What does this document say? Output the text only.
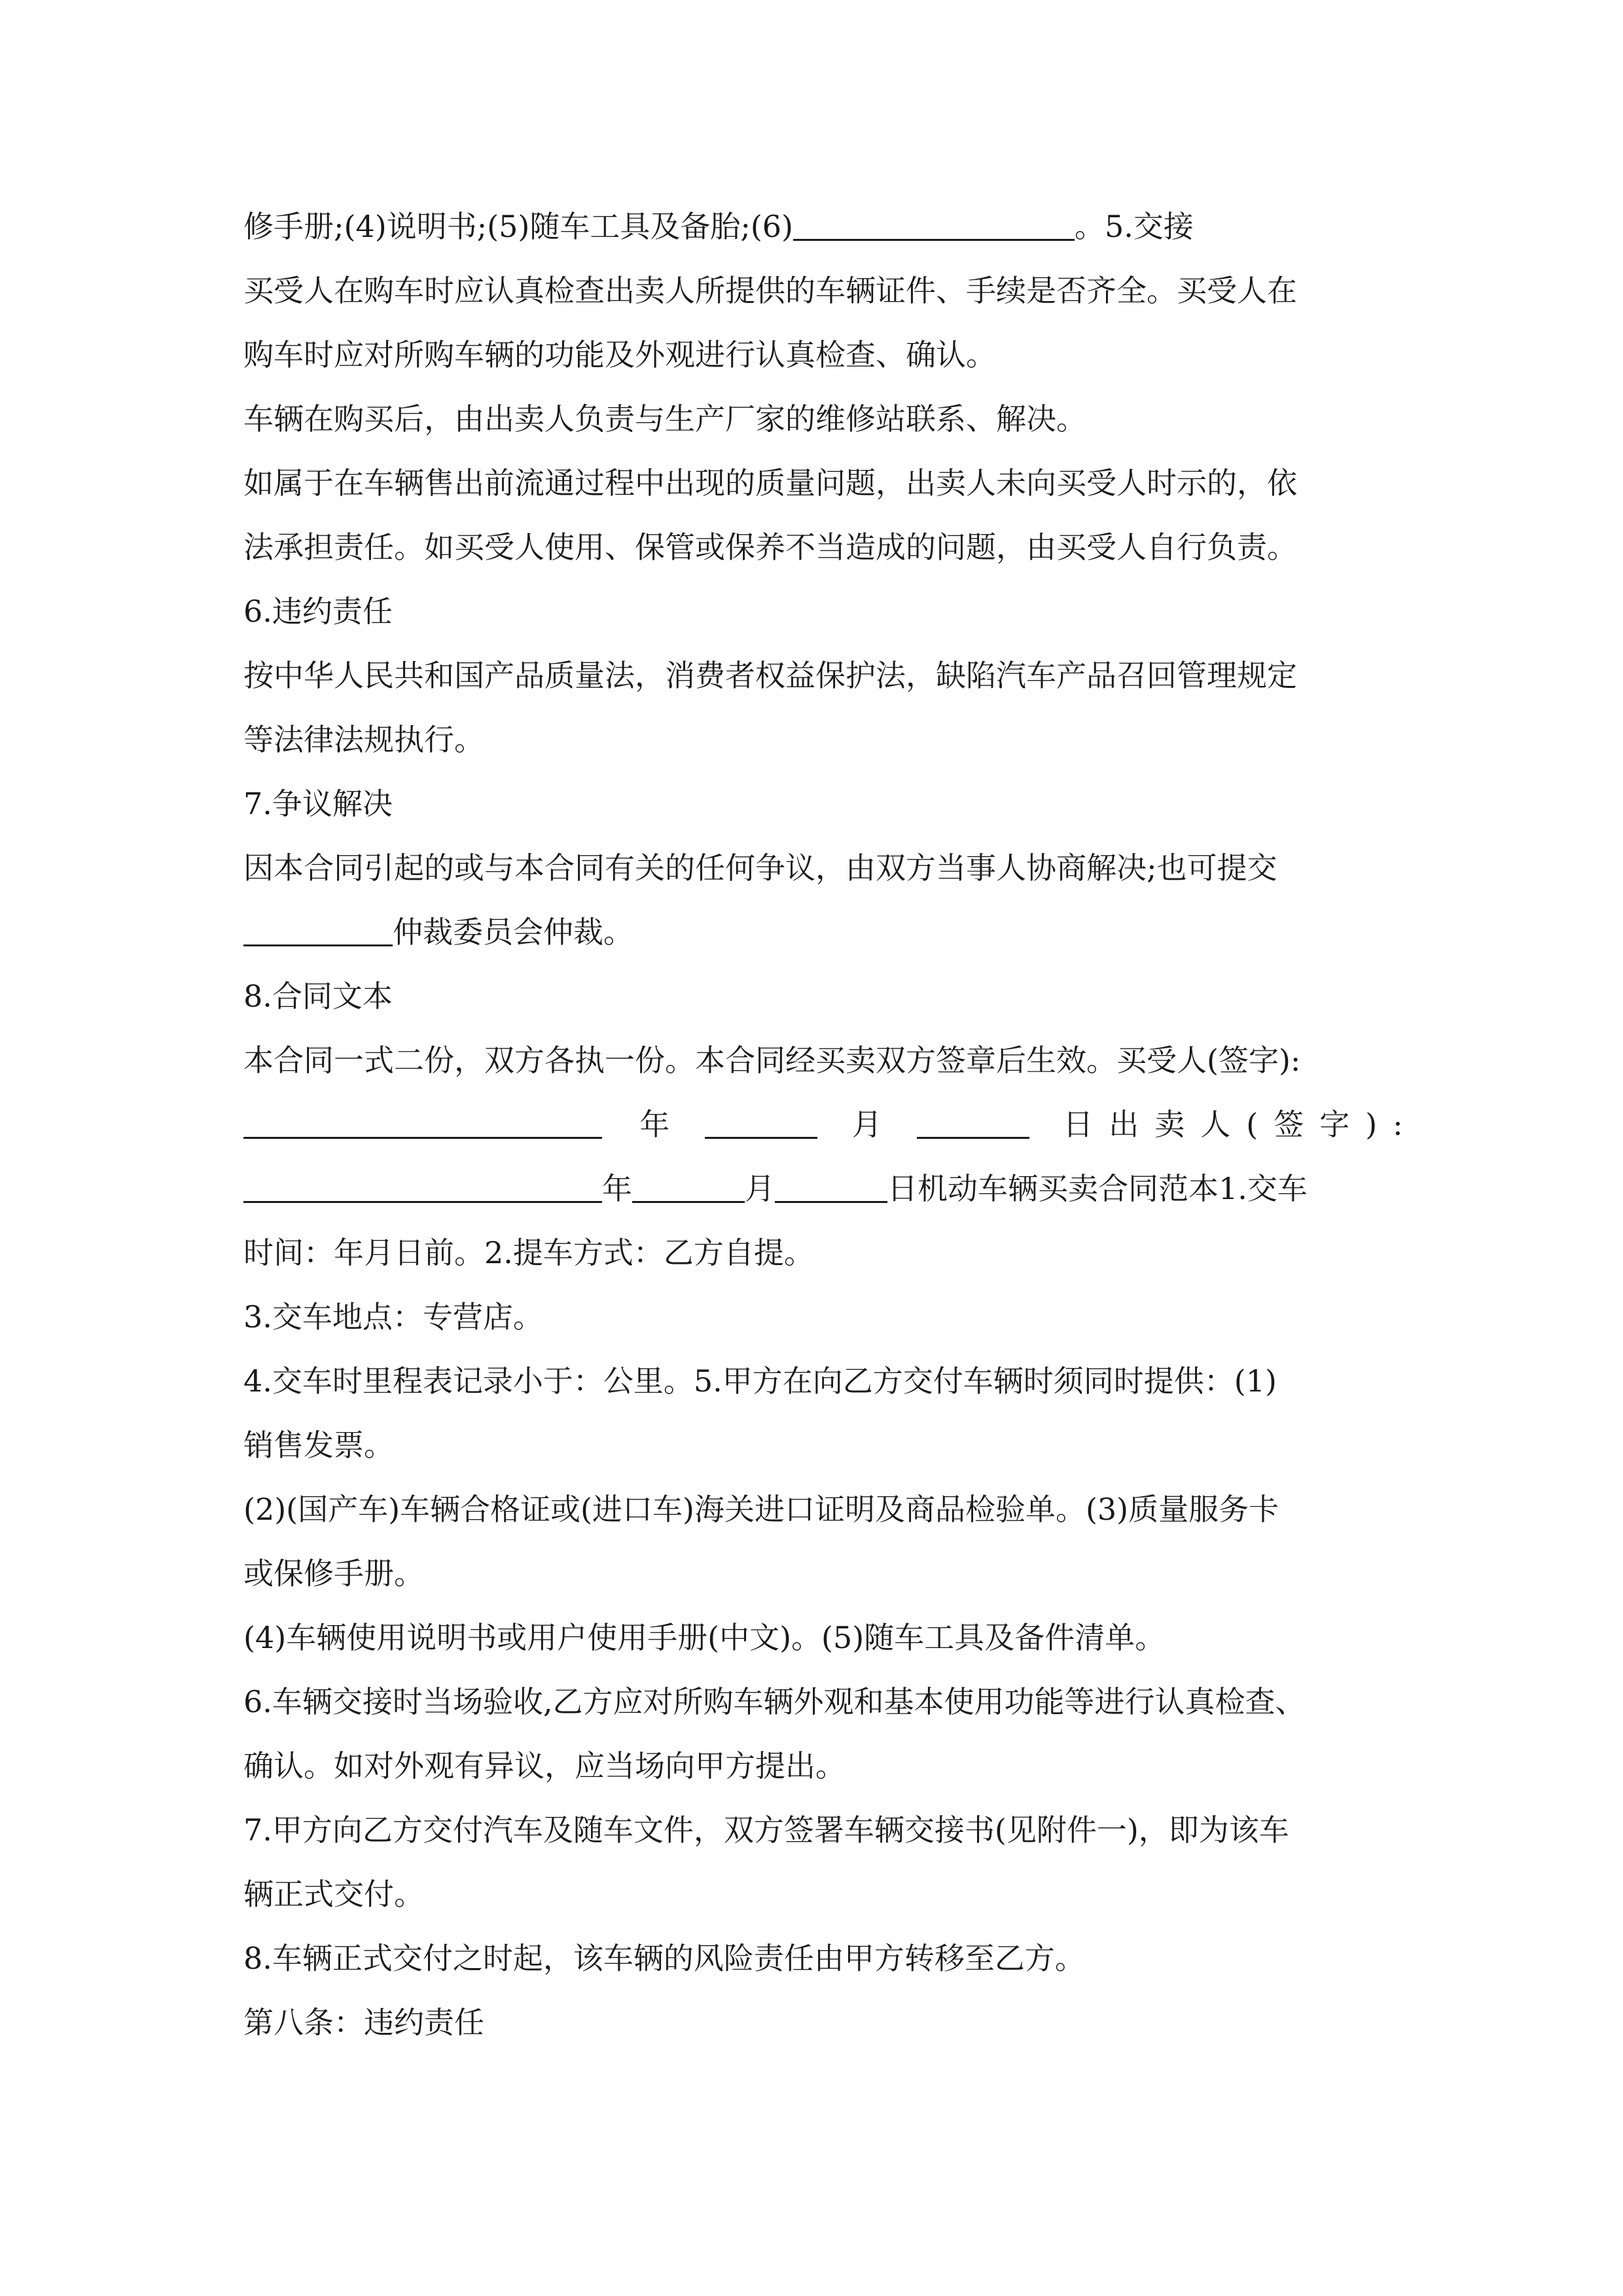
修手册;(4)说明书;(5)随车工具及备胎;(6)	。5.交接
买受人在购车时应认真检查出卖人所提供的车辆证件、手续是否齐全。买受人在
购车时应对所购车辆的功能及外观进行认真检查、确认。
车辆在购买后，由出卖人负责与生产厂家的维修站联系、解决。
如属于在车辆售出前流通过程中出现的质量问题，出卖人未向买受人时示的，依
法承担责任。如买受人使用、保管或保养不当造成的问题，由买受人自行负责。
6.违约责任
按中华人民共和国产品质量法，消费者权益保护法，缺陷汽车产品召回管理规定
等法律法规执行。
7.争议解决
因本合同引起的或与本合同有关的任何争议，由双方当事人协商解决;也可提交
仲裁委员会仲裁。
8.合同文本
本合同一式二份，双方各执一份。本合同经买卖双方签章后生效。买受人(签字):
年	月	日出卖人(签字):
年	月	日机动车辆买卖合同范本1.交车
时间：年月日前。2.提车方式：乙方自提。
3.交车地点：专营店。
4.交车时里程表记录小于：公里。5.甲方在向乙方交付车辆时须同时提供：(1)
销售发票。
(2)(国产车)车辆合格证或(进口车)海关进口证明及商品检验单。(3)质量服务卡
或保修手册。
(4)车辆使用说明书或用户使用手册(中文)。(5)随车工具及备件清单。
6.车辆交接时当场验收,乙方应对所购车辆外观和基本使用功能等进行认真检查、
确认。如对外观有异议，应当场向甲方提出。
7.甲方向乙方交付汽车及随车文件，双方签署车辆交接书(见附件一)，即为该车
辆正式交付。
8.车辆正式交付之时起，该车辆的风险责任由甲方转移至乙方。
第八条：违约责任
